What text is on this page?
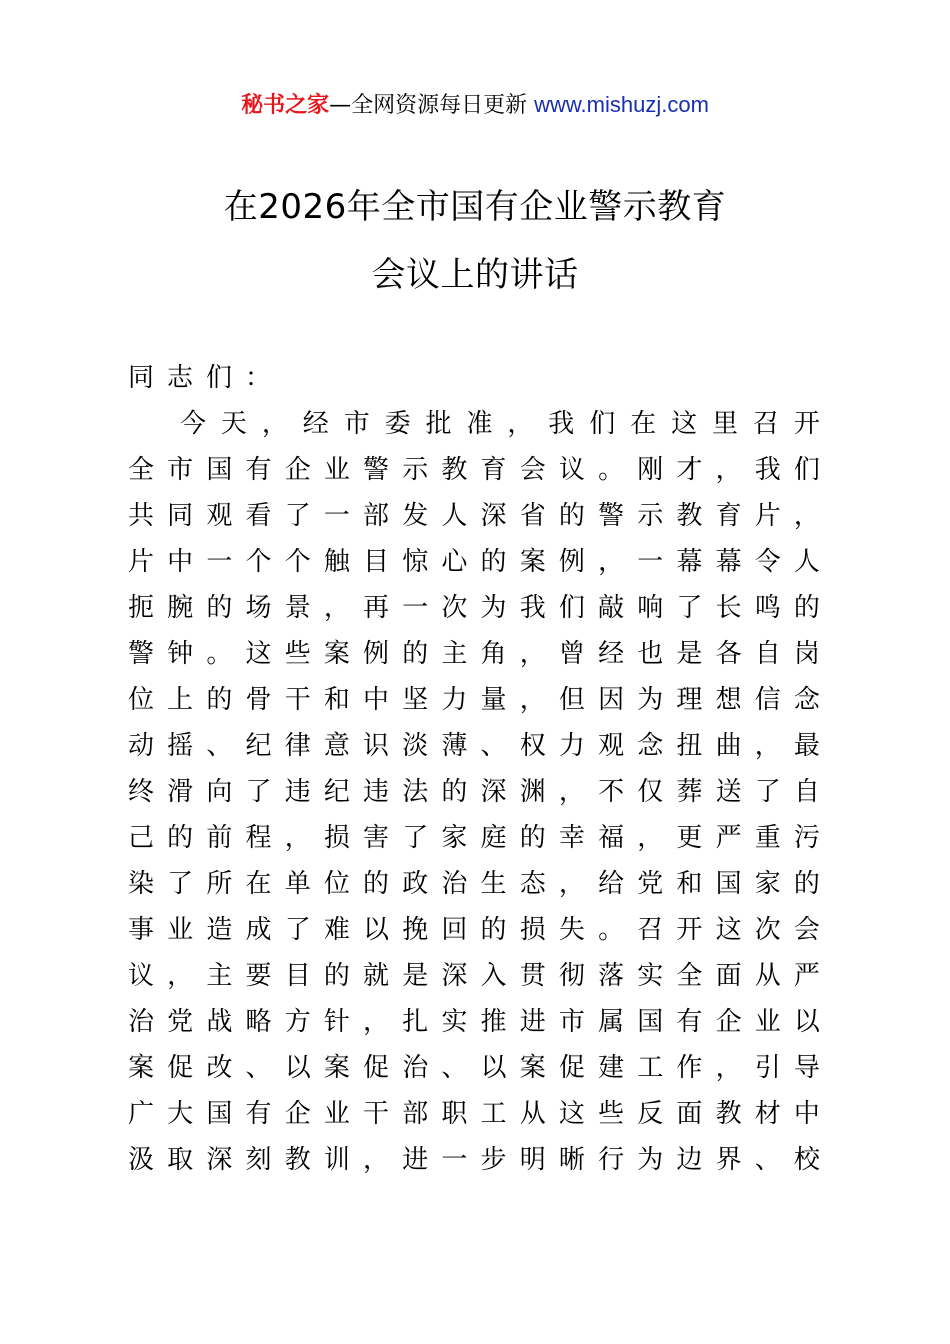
秘书之家—全网资源每日更新 www.mishuzj.com
在2026年全市国有企业警示教育
会议上的讲话
同 志 们 ：
今 天 ， 经 市 委 批 准 ， 我 们 在 这 里 召 开
全 市 国 有 企 业 警 示 教 育 会 议 。 刚 才 ， 我 们
共 同 观 看 了 一 部 发 人 深 省 的 警 示 教 育 片 ，
片 中 一 个 个 触 目 惊 心 的 案 例 ， 一 幕 幕 令 人
扼 腕 的 场 景 ， 再 一 次 为 我 们 敲 响 了 长 鸣 的
警 钟 。 这 些 案 例 的 主 角 ， 曾 经 也 是 各 自 岗
位 上 的 骨 干 和 中 坚 力 量 ， 但 因 为 理 想 信 念
动 摇 、 纪 律 意 识 淡 薄 、 权 力 观 念 扭 曲 ， 最
终 滑 向 了 违 纪 违 法 的 深 渊 ， 不 仅 葬 送 了 自
己 的 前 程 ， 损 害 了 家 庭 的 幸 福 ， 更 严 重 污
染 了 所 在 单 位 的 政 治 生 态 ， 给 党 和 国 家 的
事 业 造 成 了 难 以 挽 回 的 损 失 。 召 开 这 次 会
议 ， 主 要 目 的 就 是 深 入 贯 彻 落 实 全 面 从 严
治 党 战 略 方 针 ， 扎 实 推 进 市 属 国 有 企 业 以
案 促 改 、 以 案 促 治 、 以 案 促 建 工 作 ， 引 导
广 大 国 有 企 业 干 部 职 工 从 这 些 反 面 教 材 中
汲 取 深 刻 教 训 ， 进 一 步 明 晰 行 为 边 界 、 校
